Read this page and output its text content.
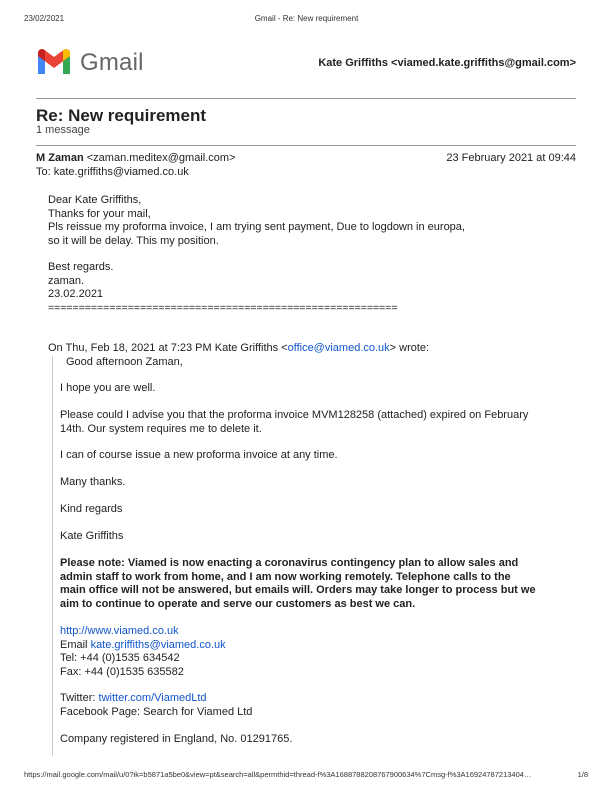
23/02/2021	Gmail - Re: New requirement
Gmail	Kate Griffiths <viamed.kate.griffiths@gmail.com>
Re: New requirement
1 message
M Zaman <zaman.meditex@gmail.com>	23 February 2021 at 09:44
To: kate.griffiths@viamed.co.uk
Dear Kate Griffiths,
Thanks for your mail,
Pls reissue my proforma invoice, I am trying sent payment, Due to logdown in europa,
so it will be delay. This my position.
Best regards.
zaman.
23.02.2021
=========================================================
On Thu, Feb 18, 2021 at 7:23 PM Kate Griffiths <office@viamed.co.uk> wrote:
Good afternoon Zaman,
I hope you are well.
Please could I advise you that the proforma invoice MVM128258 (attached) expired on February
14th. Our system requires me to delete it.
I can of course issue a new proforma invoice at any time.
Many thanks.
Kind regards
Kate Griffiths
Please note: Viamed is now enacting a coronavirus contingency plan to allow sales and
admin staff to work from home, and I am now working remotely. Telephone calls to the
main office will not be answered, but emails will. Orders may take longer to process but we
aim to continue to operate and serve our customers as best we can.
http://www.viamed.co.uk
Email kate.griffiths@viamed.co.uk
Tel: +44 (0)1535 634542
Fax: +44 (0)1535 635582
Twitter: twitter.com/ViamedLtd
Facebook Page: Search for Viamed Ltd
Company registered in England, No. 01291765.
https://mail.google.com/mail/u/0?ik=b5871a5be0&view=pt&search=all&permthid=thread-f%3A1688788208767900634%7Cmsg-f%3A16924787213404…	1/8
